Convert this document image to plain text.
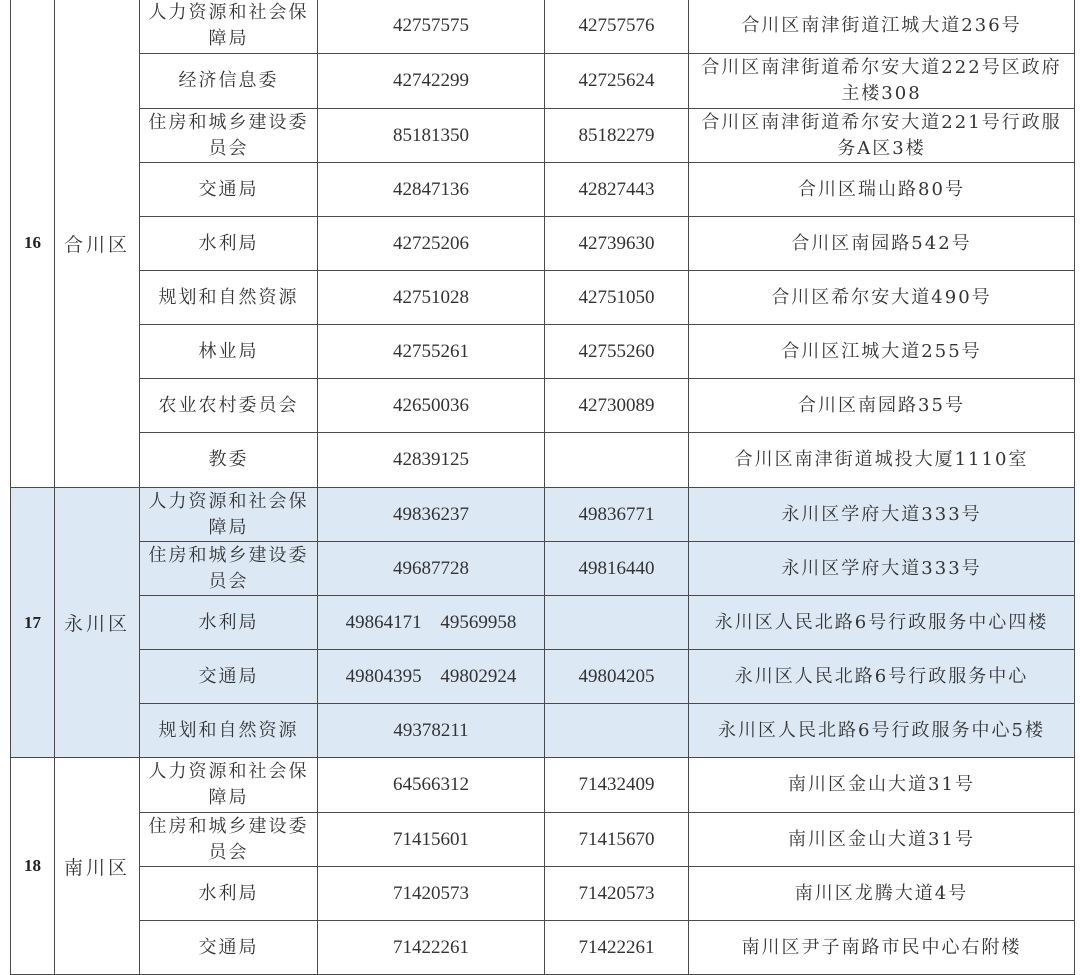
16	合川区	人力资源和社会保障局	42757575	42757576	合川区南津街道江城大道236号
		经济信息委	42742299	42725624	合川区南津街道希尔安大道222号区政府主楼308
		住房和城乡建设委员会	85181350	85182279	合川区南津街道希尔安大道221号行政服务A区3楼
		交通局	42847136	42827443	合川区瑞山路80号
		水利局	42725206	42739630	合川区南园路542号
		规划和自然资源	42751028	42751050	合川区希尔安大道490号
		林业局	42755261	42755260	合川区江城大道255号
		农业农村委员会	42650036	42730089	合川区南园路35号
		教委	42839125		合川区南津街道城投大厦1110室
17	永川区	人力资源和社会保障局	49836237	49836771	永川区学府大道333号
		住房和城乡建设委员会	49687728	49816440	永川区学府大道333号
		水利局	49864171 49569958		永川区人民北路6号行政服务中心四楼
		交通局	49804395 49802924	49804205	永川区人民北路6号行政服务中心
		规划和自然资源	49378211		永川区人民北路6号行政服务中心5楼
18	南川区	人力资源和社会保障局	64566312	71432409	南川区金山大道31号
		住房和城乡建设委员会	71415601	71415670	南川区金山大道31号
		水利局	71420573	71420573	南川区龙腾大道4号
		交通局	71422261	71422261	南川区尹子南路市民中心右附楼
